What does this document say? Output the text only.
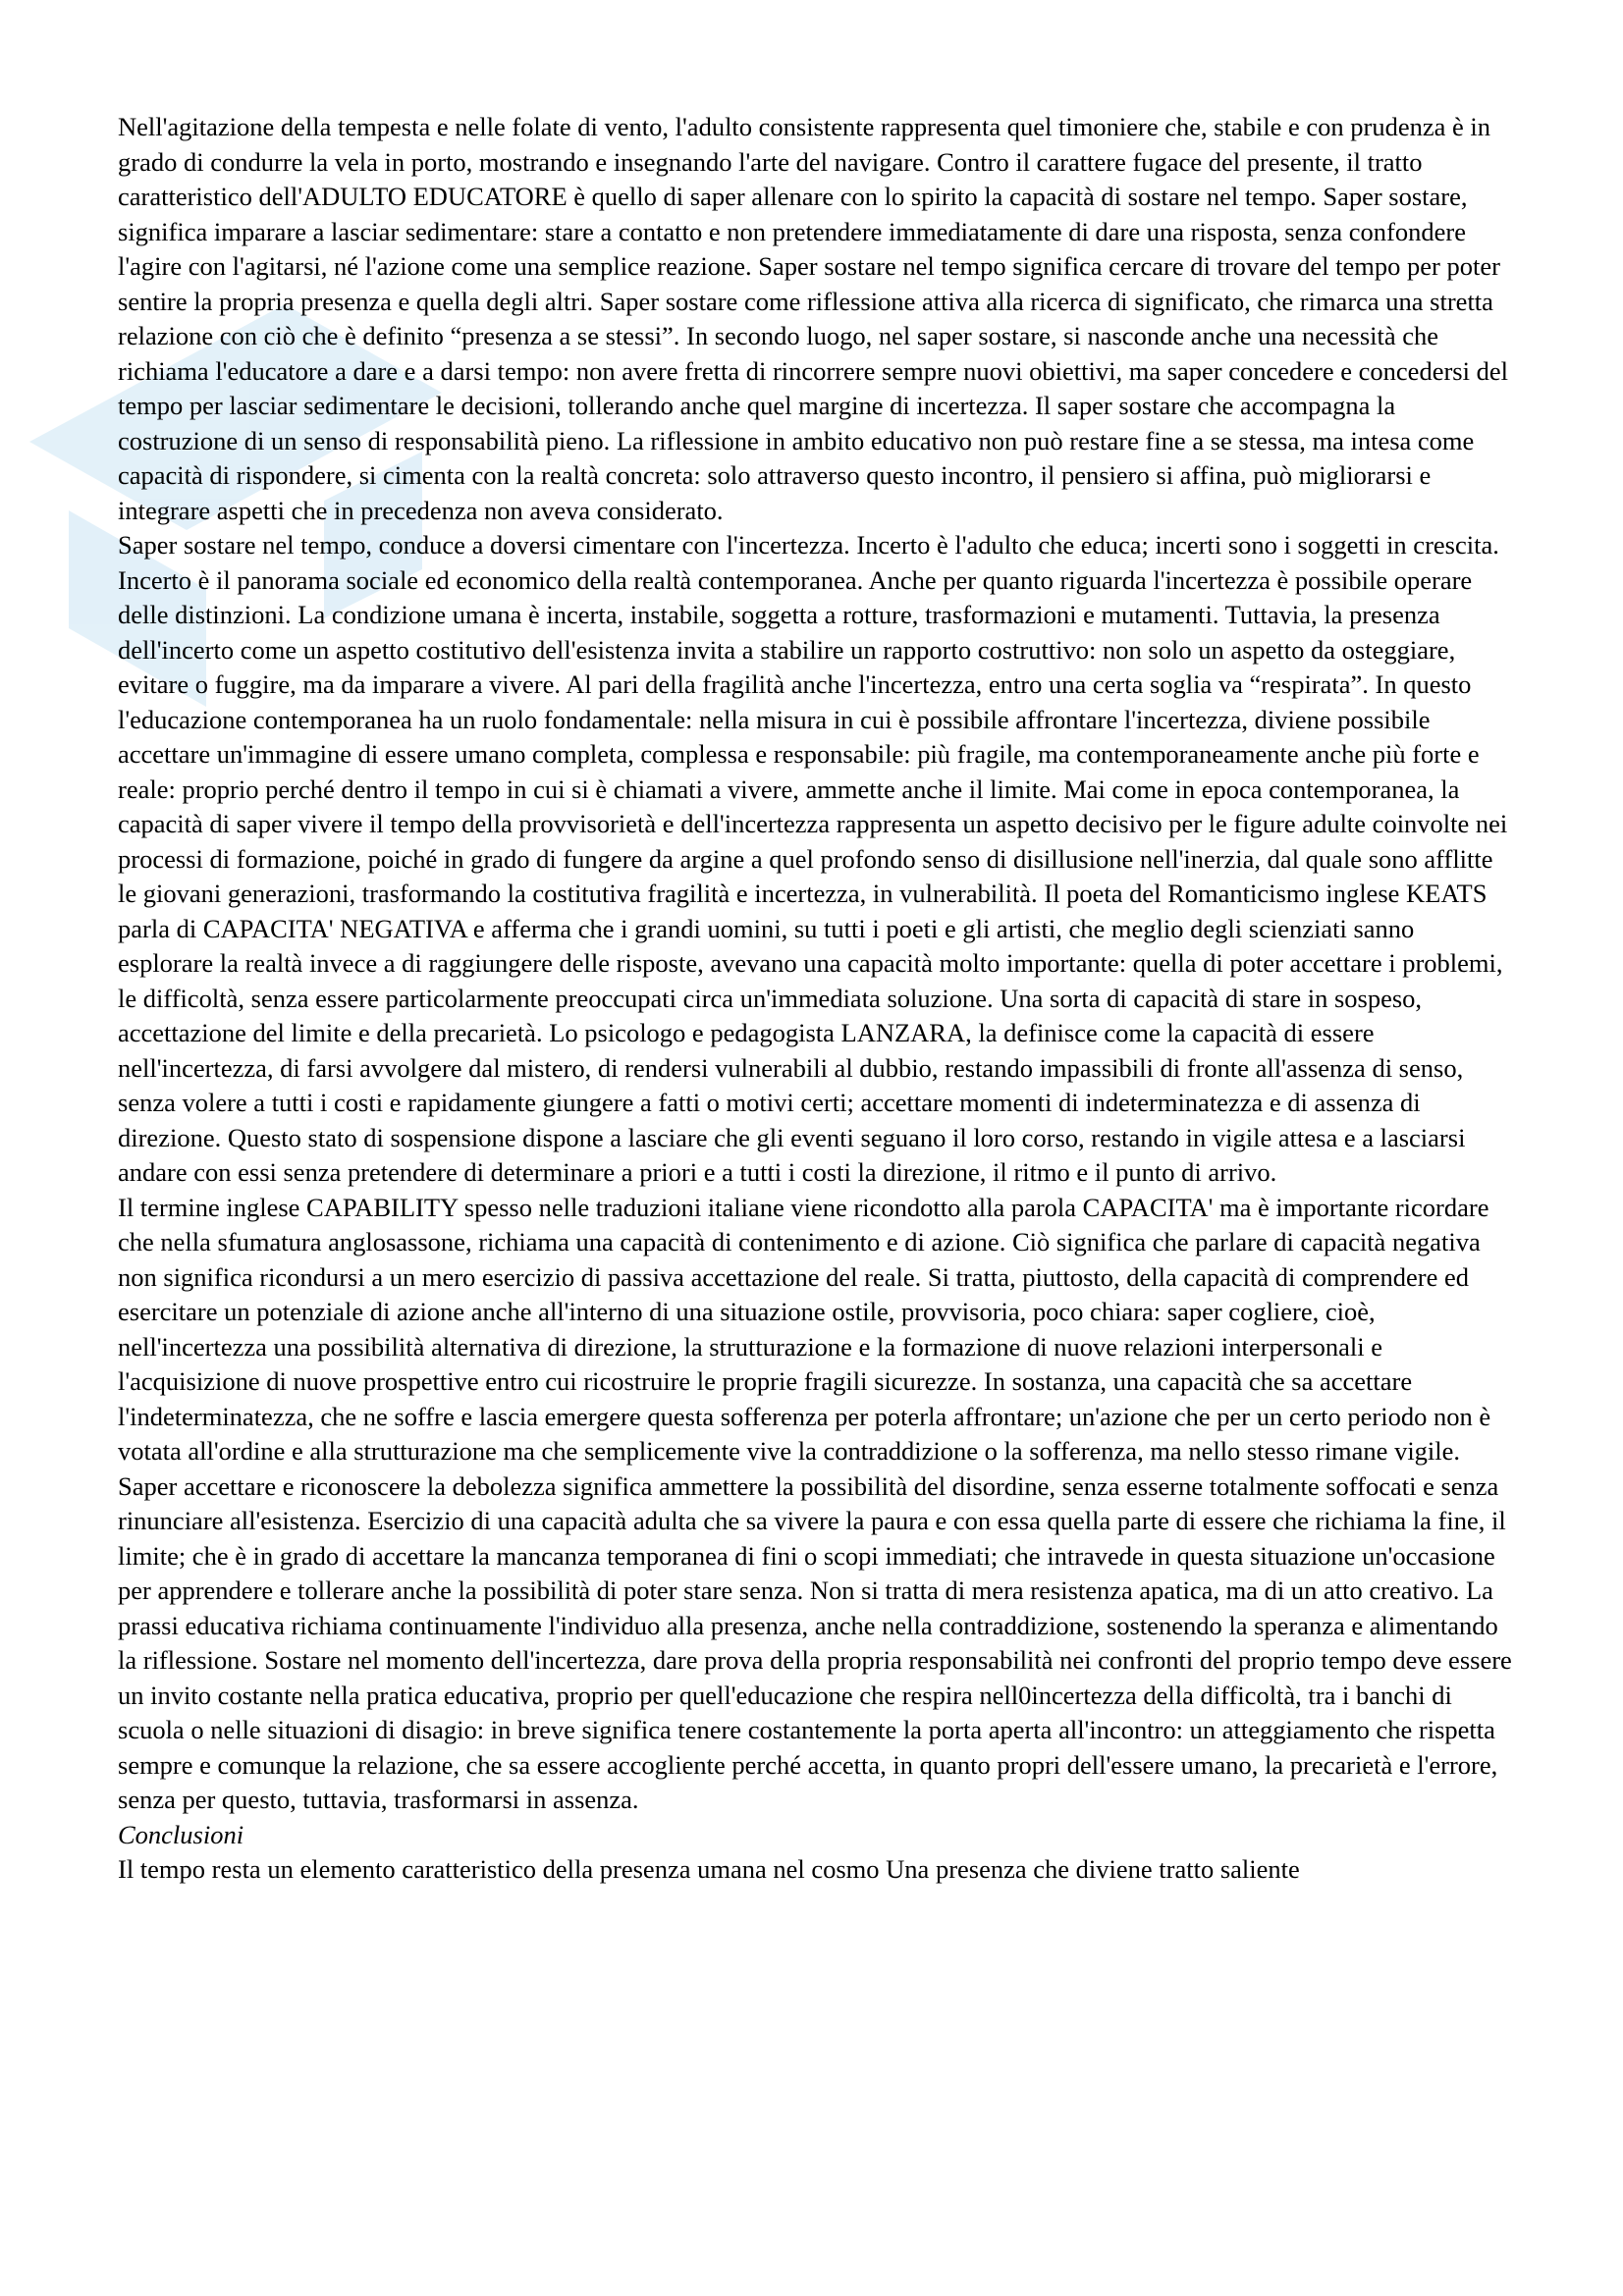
Nell'agitazione della tempesta e nelle folate di vento, l'adulto consistente rappresenta quel timoniere che, stabile e con prudenza è in grado di condurre la vela in porto, mostrando e insegnando l'arte del navigare. Contro il carattere fugace del presente, il tratto caratteristico dell'ADULTO EDUCATORE è quello di saper allenare con lo spirito la capacità di sostare nel tempo. Saper sostare, significa imparare a lasciar sedimentare: stare a contatto e non pretendere immediatamente di dare una risposta, senza confondere l'agire con l'agitarsi, né l'azione come una semplice reazione. Saper sostare nel tempo significa cercare di trovare del tempo per poter sentire la propria presenza e quella degli altri. Saper sostare come riflessione attiva alla ricerca di significato, che rimarca una stretta relazione con ciò che è definito “presenza a se stessi”. In secondo luogo, nel saper sostare, si nasconde anche una necessità che richiama l'educatore a dare e a darsi tempo: non avere fretta di rincorrere sempre nuovi obiettivi, ma saper concedere e concedersi del tempo per lasciar sedimentare le decisioni, tollerando anche quel margine di incertezza. Il saper sostare che accompagna la costruzione di un senso di responsabilità pieno. La riflessione in ambito educativo non può restare fine a se stessa, ma intesa come capacità di rispondere, si cimenta con la realtà concreta: solo attraverso questo incontro, il pensiero si affina, può migliorarsi e integrare aspetti che in precedenza non aveva considerato.

Saper sostare nel tempo, conduce a doversi cimentare con l'incertezza. Incerto è l'adulto che educa; incerti sono i soggetti in crescita. Incerto è il panorama sociale ed economico della realtà contemporanea. Anche per quanto riguarda l'incertezza è possibile operare delle distinzioni. La condizione umana è incerta, instabile, soggetta a rotture, trasformazioni e mutamenti. Tuttavia, la presenza dell'incerto come un aspetto costitutivo dell'esistenza invita a stabilire un rapporto costruttivo: non solo un aspetto da osteggiare, evitare o fuggire, ma da imparare a vivere. Al pari della fragilità anche l'incertezza, entro una certa soglia va “respirata”. In questo l'educazione contemporanea ha un ruolo fondamentale: nella misura in cui è possibile affrontare l'incertezza, diviene possibile accettare un'immagine di essere umano completa, complessa e responsabile: più fragile, ma contemporaneamente anche più forte e reale: proprio perché dentro il tempo in cui si è chiamati a vivere, ammette anche il limite. Mai come in epoca contemporanea, la capacità di saper vivere il tempo della provvisorietà e dell'incertezza rappresenta un aspetto decisivo per le figure adulte coinvolte nei processi di formazione, poiché in grado di fungere da argine a quel profondo senso di disillusione nell'inerzia, dal quale sono afflitte le giovani generazioni, trasformando la costitutiva fragilità e incertezza, in vulnerabilità. Il poeta del Romanticismo inglese KEATS parla di CAPACITA' NEGATIVA e afferma che i grandi uomini, su tutti i poeti e gli artisti, che meglio degli scienziati sanno esplorare la realtà invece a di raggiungere delle risposte, avevano una capacità molto importante: quella di poter accettare i problemi, le difficoltà, senza essere particolarmente preoccupati circa un'immediata soluzione. Una sorta di capacità di stare in sospeso, accettazione del limite e della precarietà. Lo psicologo e pedagogista LANZARA, la definisce come la capacità di essere nell'incertezza, di farsi avvolgere dal mistero, di rendersi vulnerabili al dubbio, restando impassibili di fronte all'assenza di senso, senza volere a tutti i costi e rapidamente giungere a fatti o motivi certi; accettare momenti di indeterminatezza e di assenza di direzione. Questo stato di sospensione dispone a lasciare che gli eventi seguano il loro corso, restando in vigile attesa e a lasciarsi andare con essi senza pretendere di determinare a priori e a tutti i costi la direzione, il ritmo e il punto di arrivo.

Il termine inglese CAPABILITY spesso nelle traduzioni italiane viene ricondotto alla parola CAPACITA' ma è importante ricordare che nella sfumatura anglosassone, richiama una capacità di contenimento e di azione. Ciò significa che parlare di capacità negativa non significa ricondursi a un mero esercizio di passiva accettazione del reale. Si tratta, piuttosto, della capacità di comprendere ed esercitare un potenziale di azione anche all'interno di una situazione ostile, provvisoria, poco chiara: saper cogliere, cioè, nell'incertezza una possibilità alternativa di direzione, la strutturazione e la formazione di nuove relazioni interpersonali e l'acquisizione di nuove prospettive entro cui ricostruire le proprie fragili sicurezze. In sostanza, una capacità che sa accettare l'indeterminatezza, che ne soffre e lascia emergere questa sofferenza per poterla affrontare; un'azione che per un certo periodo non è votata all'ordine e alla strutturazione ma che semplicemente vive la contraddizione o la sofferenza, ma nello stesso rimane vigile. Saper accettare e riconoscere la debolezza significa ammettere la possibilità del disordine, senza esserne totalmente soffocati e senza rinunciare all'esistenza. Esercizio di una capacità adulta che sa vivere la paura e con essa quella parte di essere che richiama la fine, il limite; che è in grado di accettare la mancanza temporanea di fini o scopi immediati; che intravede in questa situazione un'occasione per apprendere e tollerare anche la possibilità di poter stare senza. Non si tratta di mera resistenza apatica, ma di un atto creativo. La prassi educativa richiama continuamente l'individuo alla presenza, anche nella contraddizione, sostenendo la speranza e alimentando la riflessione. Sostare nel momento dell'incertezza, dare prova della propria responsabilità nei confronti del proprio tempo deve essere un invito costante nella pratica educativa, proprio per quell'educazione che respira nell0incertezza della difficoltà, tra i banchi di scuola o nelle situazioni di disagio: in breve significa tenere costantemente la porta aperta all'incontro: un atteggiamento che rispetta sempre e comunque la relazione, che sa essere accogliente perché accetta, in quanto propri dell'essere umano, la precarietà e l'errore, senza per questo, tuttavia, trasformarsi in assenza.

Conclusioni

Il tempo resta un elemento caratteristico della presenza umana nel cosmo Una presenza che diviene tratto saliente
